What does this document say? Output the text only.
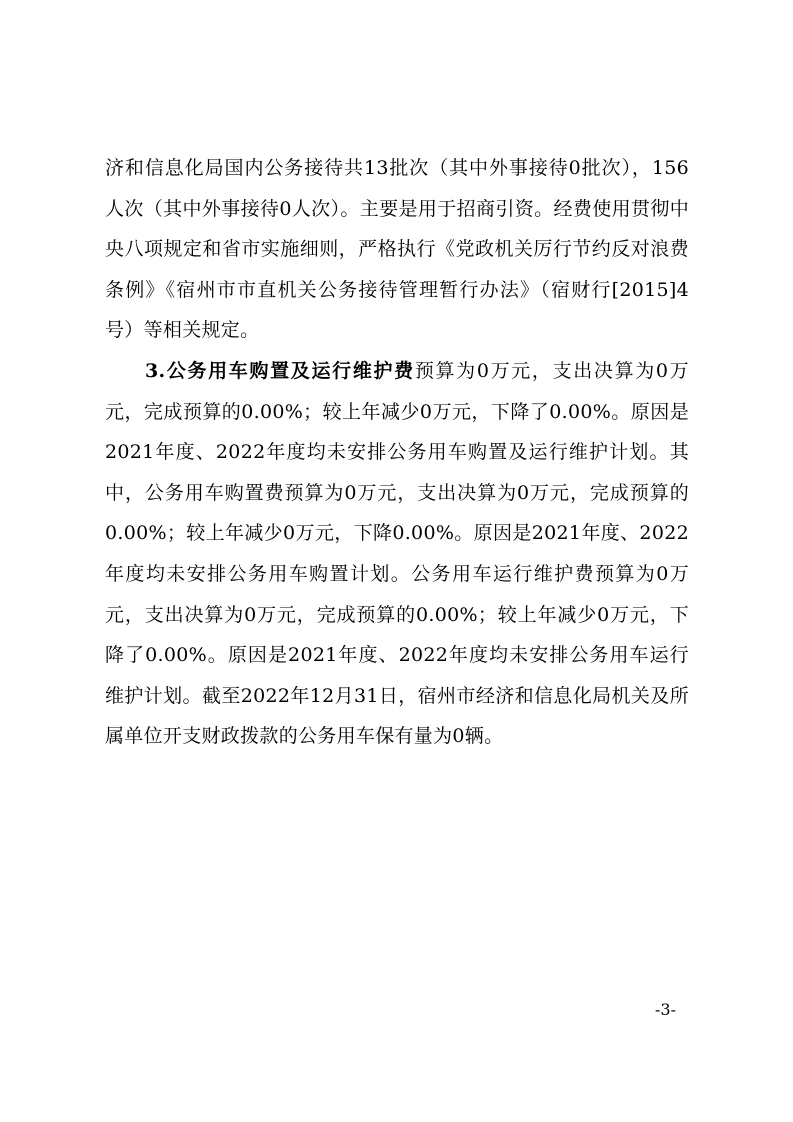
济和信息化局国内公务接待共13批次（其中外事接待0批次），156人次（其中外事接待0人次）。主要是用于招商引资。经费使用贯彻中央八项规定和省市实施细则，严格执行《党政机关厉行节约反对浪费条例》《宿州市市直机关公务接待管理暂行办法》（宿财行[2015]4号）等相关规定。

3.公务用车购置及运行维护费预算为0万元，支出决算为0万元，完成预算的0.00%；较上年减少0万元，下降了0.00%。原因是2021年度、2022年度均未安排公务用车购置及运行维护计划。其中，公务用车购置费预算为0万元，支出决算为0万元，完成预算的0.00%；较上年减少0万元，下降0.00%。原因是2021年度、2022年度均未安排公务用车购置计划。公务用车运行维护费预算为0万元，支出决算为0万元，完成预算的0.00%；较上年减少0万元，下降了0.00%。原因是2021年度、2022年度均未安排公务用车运行维护计划。截至2022年12月31日，宿州市经济和信息化局机关及所属单位开支财政拨款的公务用车保有量为0辆。

-3-
